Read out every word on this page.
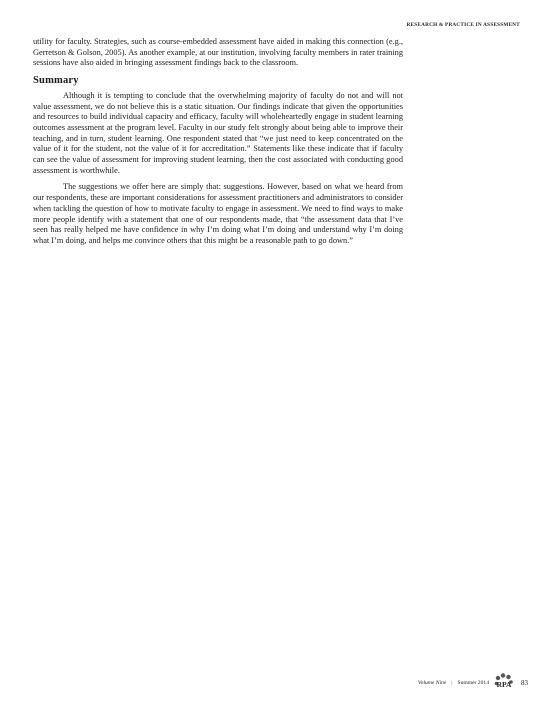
RESEARCH & PRACTICE IN ASSESSMENT

utility for faculty. Strategies, such as course-embedded assessment have aided in making this connection (e.g., Gerretson & Golson, 2005). As another example, at our institution, involving faculty members in rater training sessions have also aided in bringing assessment findings back to the classroom.

Summary

Although it is tempting to conclude that the overwhelming majority of faculty do not and will not value assessment, we do not believe this is a static situation. Our findings indicate that given the opportunities and resources to build individual capacity and efficacy, faculty will wholeheartedly engage in student learning outcomes assessment at the program level. Faculty in our study felt strongly about being able to improve their teaching, and in turn, student learning. One respondent stated that “we just need to keep concentrated on the value of it for the student, not the value of it for accreditation.” Statements like these indicate that if faculty can see the value of assessment for improving student learning, then the cost associated with conducting good assessment is worthwhile.

The suggestions we offer here are simply that: suggestions. However, based on what we heard from our respondents, these are important considerations for assessment practitioners and administrators to consider when tackling the question of how to motivate faculty to engage in assessment. We need to find ways to make more people identify with a statement that one of our respondents made, that “the assessment data that I’ve seen has really helped me have confidence in why I’m doing what I’m doing and understand why I’m doing what I’m doing, and helps me convince others that this might be a reasonable path to go down.”

Volume Nine | Summer 2014 RPA 83
